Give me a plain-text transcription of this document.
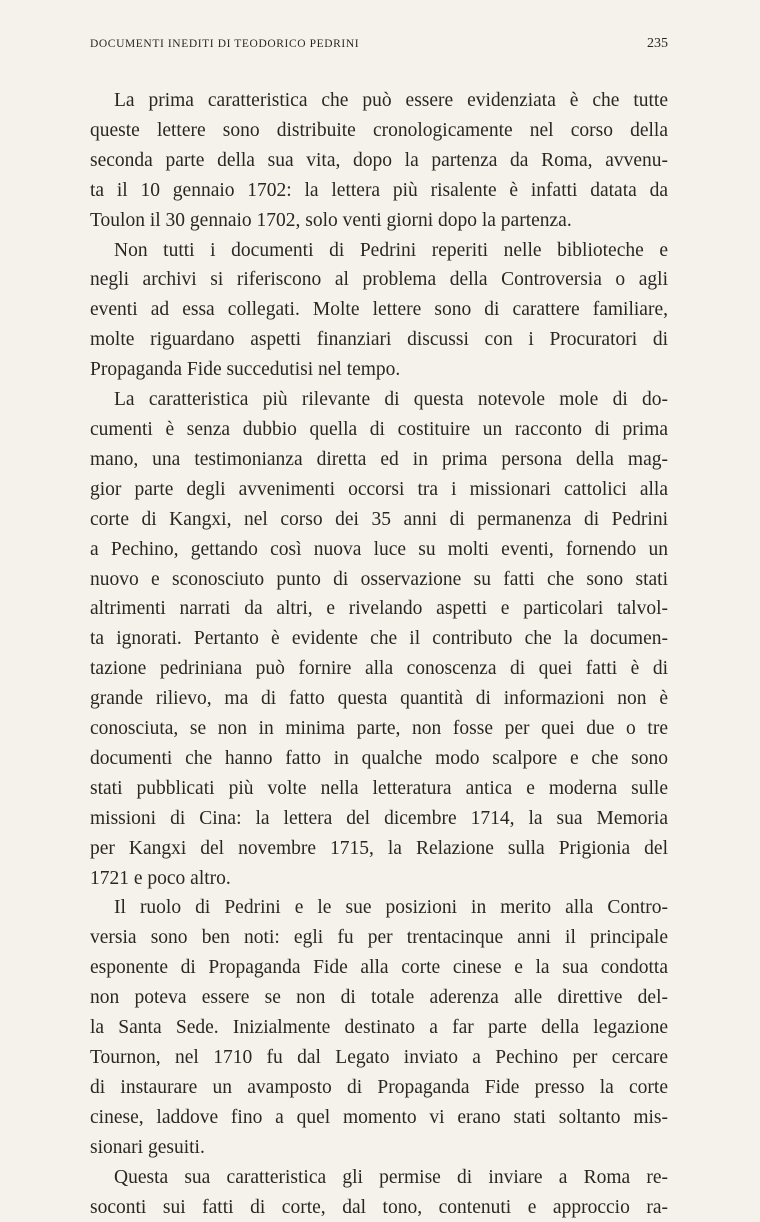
DOCUMENTI INEDITI DI TEODORICO PEDRINI	235
La prima caratteristica che può essere evidenziata è che tutte
queste lettere sono distribuite cronologicamente nel corso della
seconda parte della sua vita, dopo la partenza da Roma, avvenu-
ta il 10 gennaio 1702: la lettera più risalente è infatti datata da
Toulon il 30 gennaio 1702, solo venti giorni dopo la partenza.
Non tutti i documenti di Pedrini reperiti nelle biblioteche e
negli archivi si riferiscono al problema della Controversia o agli
eventi ad essa collegati. Molte lettere sono di carattere familiare,
molte riguardano aspetti finanziari discussi con i Procuratori di
Propaganda Fide succedutisi nel tempo.
La caratteristica più rilevante di questa notevole mole di do-
cumenti è senza dubbio quella di costituire un racconto di prima
mano, una testimonianza diretta ed in prima persona della mag-
gior parte degli avvenimenti occorsi tra i missionari cattolici alla
corte di Kangxi, nel corso dei 35 anni di permanenza di Pedrini
a Pechino, gettando così nuova luce su molti eventi, fornendo un
nuovo e sconosciuto punto di osservazione su fatti che sono stati
altrimenti narrati da altri, e rivelando aspetti e particolari talvol-
ta ignorati. Pertanto è evidente che il contributo che la documen-
tazione pedriniana può fornire alla conoscenza di quei fatti è di
grande rilievo, ma di fatto questa quantità di informazioni non è
conosciuta, se non in minima parte, non fosse per quei due o tre
documenti che hanno fatto in qualche modo scalpore e che sono
stati pubblicati più volte nella letteratura antica e moderna sulle
missioni di Cina: la lettera del dicembre 1714, la sua Memoria
per Kangxi del novembre 1715, la Relazione sulla Prigionia del
1721 e poco altro.
Il ruolo di Pedrini e le sue posizioni in merito alla Contro-
versia sono ben noti: egli fu per trentacinque anni il principale
esponente di Propaganda Fide alla corte cinese e la sua condotta
non poteva essere se non di totale aderenza alle direttive del-
la Santa Sede. Inizialmente destinato a far parte della legazione
Tournon, nel 1710 fu dal Legato inviato a Pechino per cercare
di instaurare un avamposto di Propaganda Fide presso la corte
cinese, laddove fino a quel momento vi erano stati soltanto mis-
sionari gesuiti.
Questa sua caratteristica gli permise di inviare a Roma re-
soconti sui fatti di corte, dal tono, contenuti e approccio ra-
